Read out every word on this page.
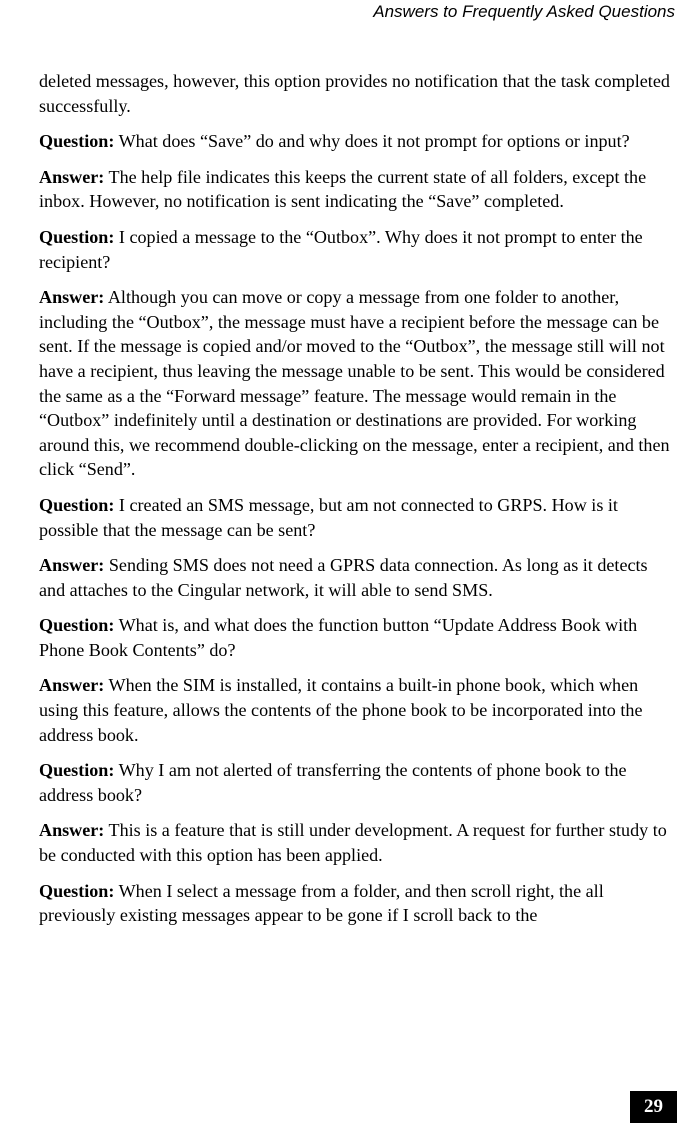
Answers to Frequently Asked Questions

deleted messages, however, this option provides no notification that the task completed successfully.

Question: What does “Save” do and why does it not prompt for options or input?

Answer: The help file indicates this keeps the current state of all folders, except the inbox. However, no notification is sent indicating the “Save” completed.

Question: I copied a message to the “Outbox”. Why does it not prompt to enter the recipient?

Answer: Although you can move or copy a message from one folder to another, including the “Outbox”, the message must have a recipient before the message can be sent. If the message is copied and/or moved to the “Outbox”, the message still will not have a recipient, thus leaving the message unable to be sent. This would be considered the same as a the “Forward message” feature. The message would remain in the “Outbox” indefinitely until a destination or destinations are provided. For working around this, we recommend double-clicking on the message, enter a recipient, and then click “Send”.

Question: I created an SMS message, but am not connected to GRPS. How is it possible that the message can be sent?

Answer: Sending SMS does not need a GPRS data connection. As long as it detects and attaches to the Cingular network, it will able to send SMS.

Question: What is, and what does the function button “Update Address Book with Phone Book Contents” do?

Answer: When the SIM is installed, it contains a built-in phone book, which when using this feature, allows the contents of the phone book to be incorporated into the address book.

Question: Why I am not alerted of transferring the contents of phone book to the address book?

Answer: This is a feature that is still under development. A request for further study to be conducted with this option has been applied.

Question: When I select a message from a folder, and then scroll right, the all previously existing messages appear to be gone if I scroll back to the

29
